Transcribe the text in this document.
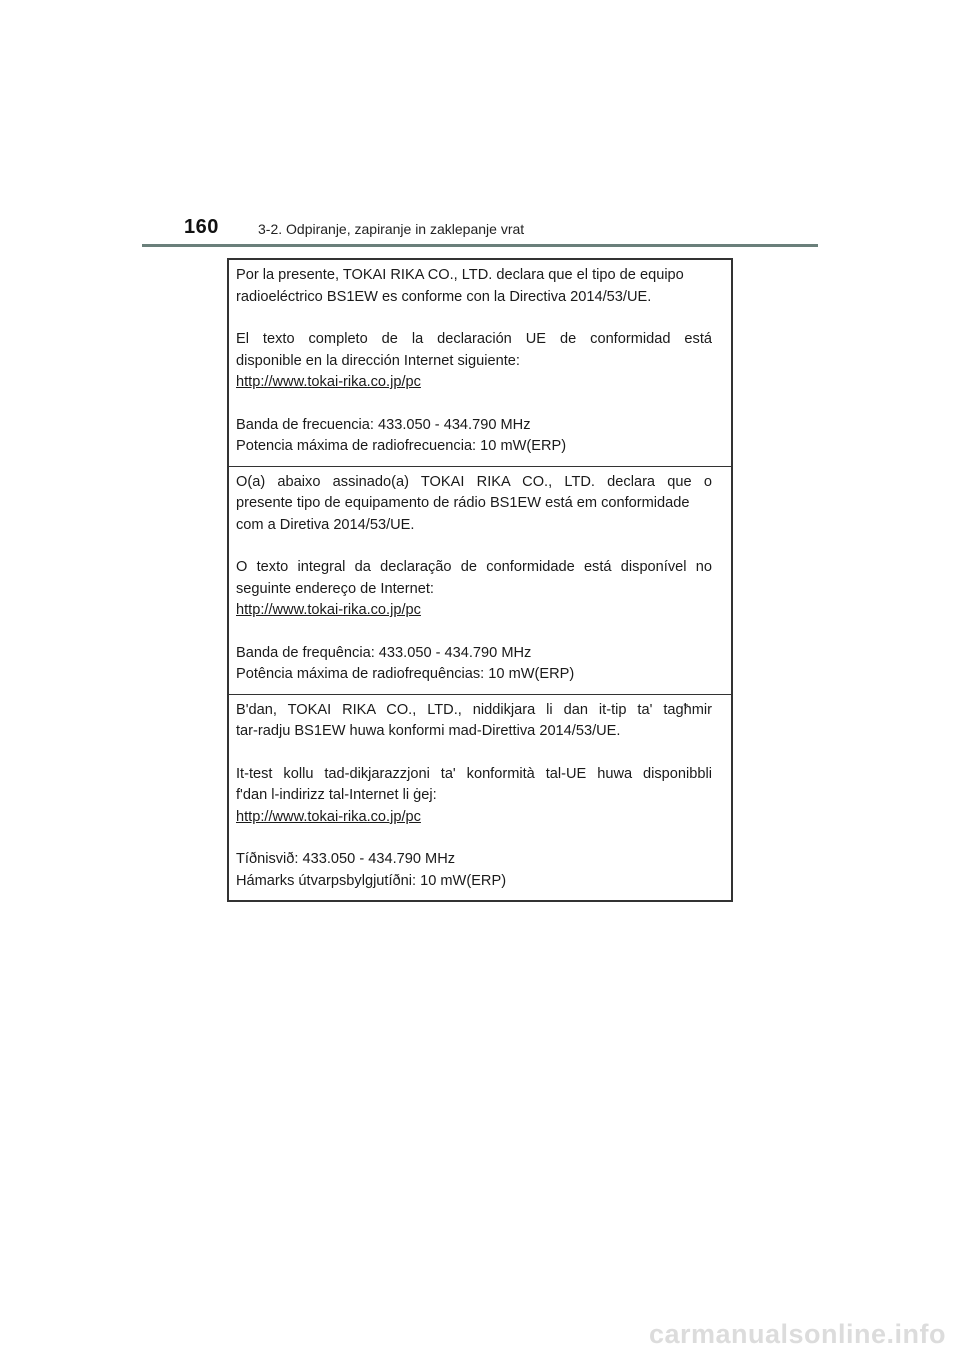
160	3-2. Odpiranje, zapiranje in zaklepanje vrat

Por la presente, TOKAI RIKA CO., LTD. declara que el tipo de equipo

radioeléctrico BS1EW es conforme con la Directiva 2014/53/UE.

El texto completo de la declaración UE de conformidad está

disponible en la dirección Internet siguiente:

http://www.tokai-rika.co.jp/pc

Banda de frecuencia: 433.050 - 434.790 MHz

Potencia máxima de radiofrecuencia: 10 mW(ERP)

O(a) abaixo assinado(a) TOKAI RIKA CO., LTD. declara que o

presente tipo de equipamento de rádio BS1EW está em conformidade

com a Diretiva 2014/53/UE.

O texto integral da declaração de conformidade está disponível no

seguinte endereço de Internet:

http://www.tokai-rika.co.jp/pc

Banda de frequência: 433.050 - 434.790 MHz

Potência máxima de radiofrequências: 10 mW(ERP)

B'dan, TOKAI RIKA CO., LTD., niddikjara li dan it-tip ta' tagħmir

tar-radju BS1EW huwa konformi mad-Direttiva 2014/53/UE.

It-test kollu tad-dikjarazzjoni ta' konformità tal-UE huwa disponibbli

f'dan l-indirizz tal-Internet li ġej:

http://www.tokai-rika.co.jp/pc

Tíðnisvið: 433.050 - 434.790 MHz

Hámarks útvarpsbylgjutíðni: 10 mW(ERP)

carmanualsonline.info
